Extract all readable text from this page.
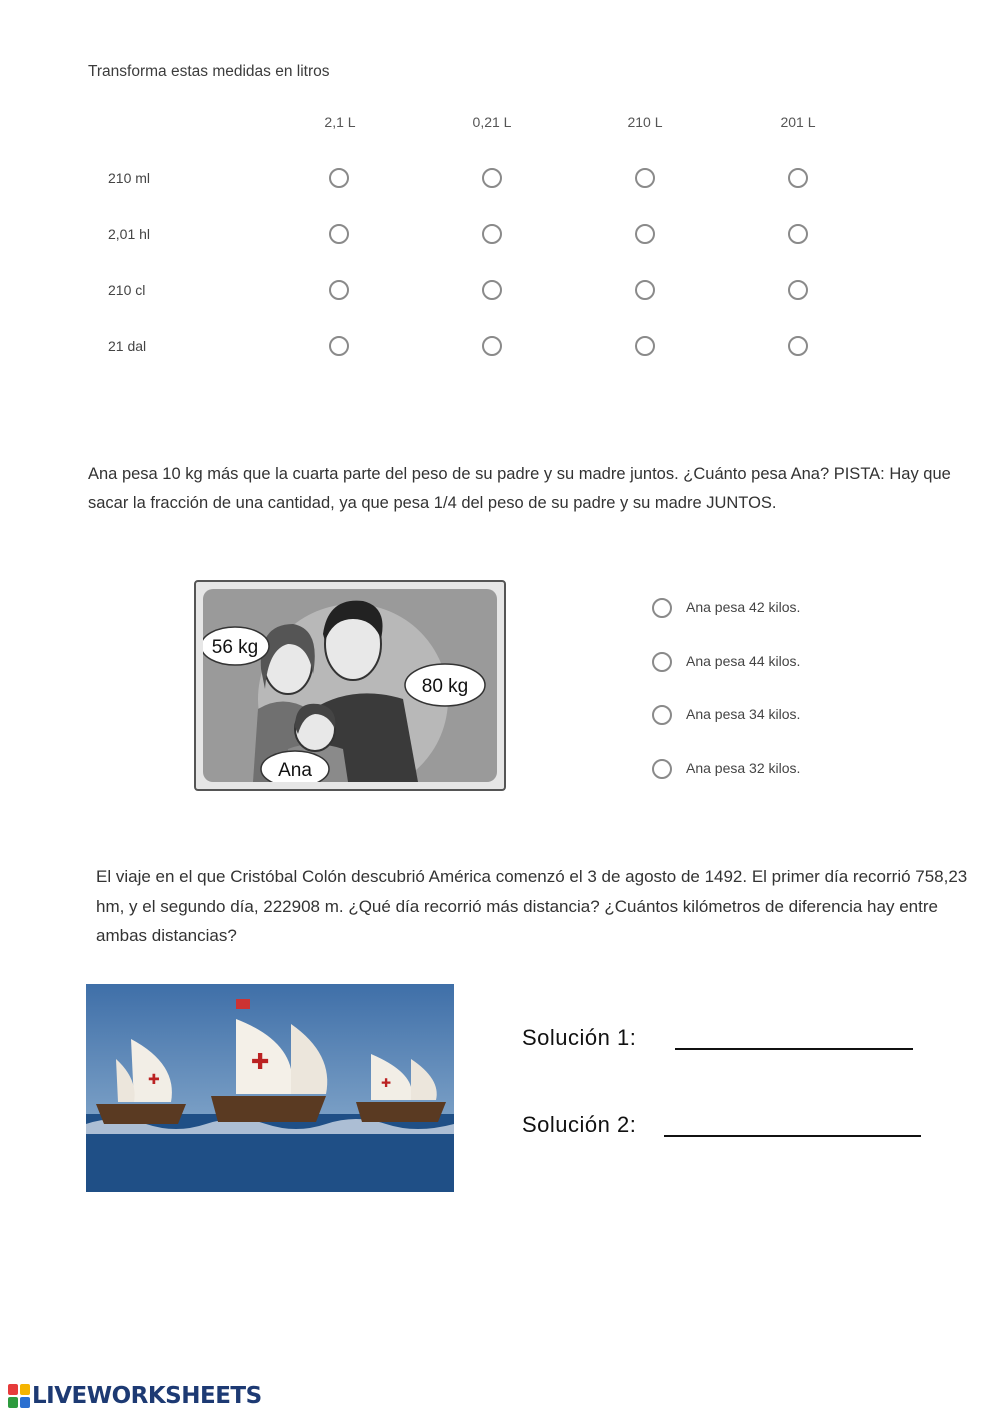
Transforma estas medidas en litros
2,1 L	0,21 L	210 L	201 L
210 ml
2,01 hl
210 cl
21 dal
Ana pesa 10 kg más que la cuarta parte del peso de su padre y su madre juntos. ¿Cuánto pesa Ana? PISTA: Hay que sacar la fracción de una cantidad, ya que pesa 1/4 del peso de su padre y su madre JUNTOS.
56 kg
80 kg
Ana
Ana pesa 42 kilos.
Ana pesa 44 kilos.
Ana pesa 34 kilos.
Ana pesa 32 kilos.
El viaje en el que Cristóbal Colón descubrió América comenzó el 3 de agosto de 1492. El primer día recorrió 758,23 hm, y el segundo día, 222908 m. ¿Qué día recorrió más distancia? ¿Cuántos kilómetros de diferencia hay entre ambas distancias?
✚
✚
✚
Solución 1:
Solución 2:
LIVEWORKSHEETS
